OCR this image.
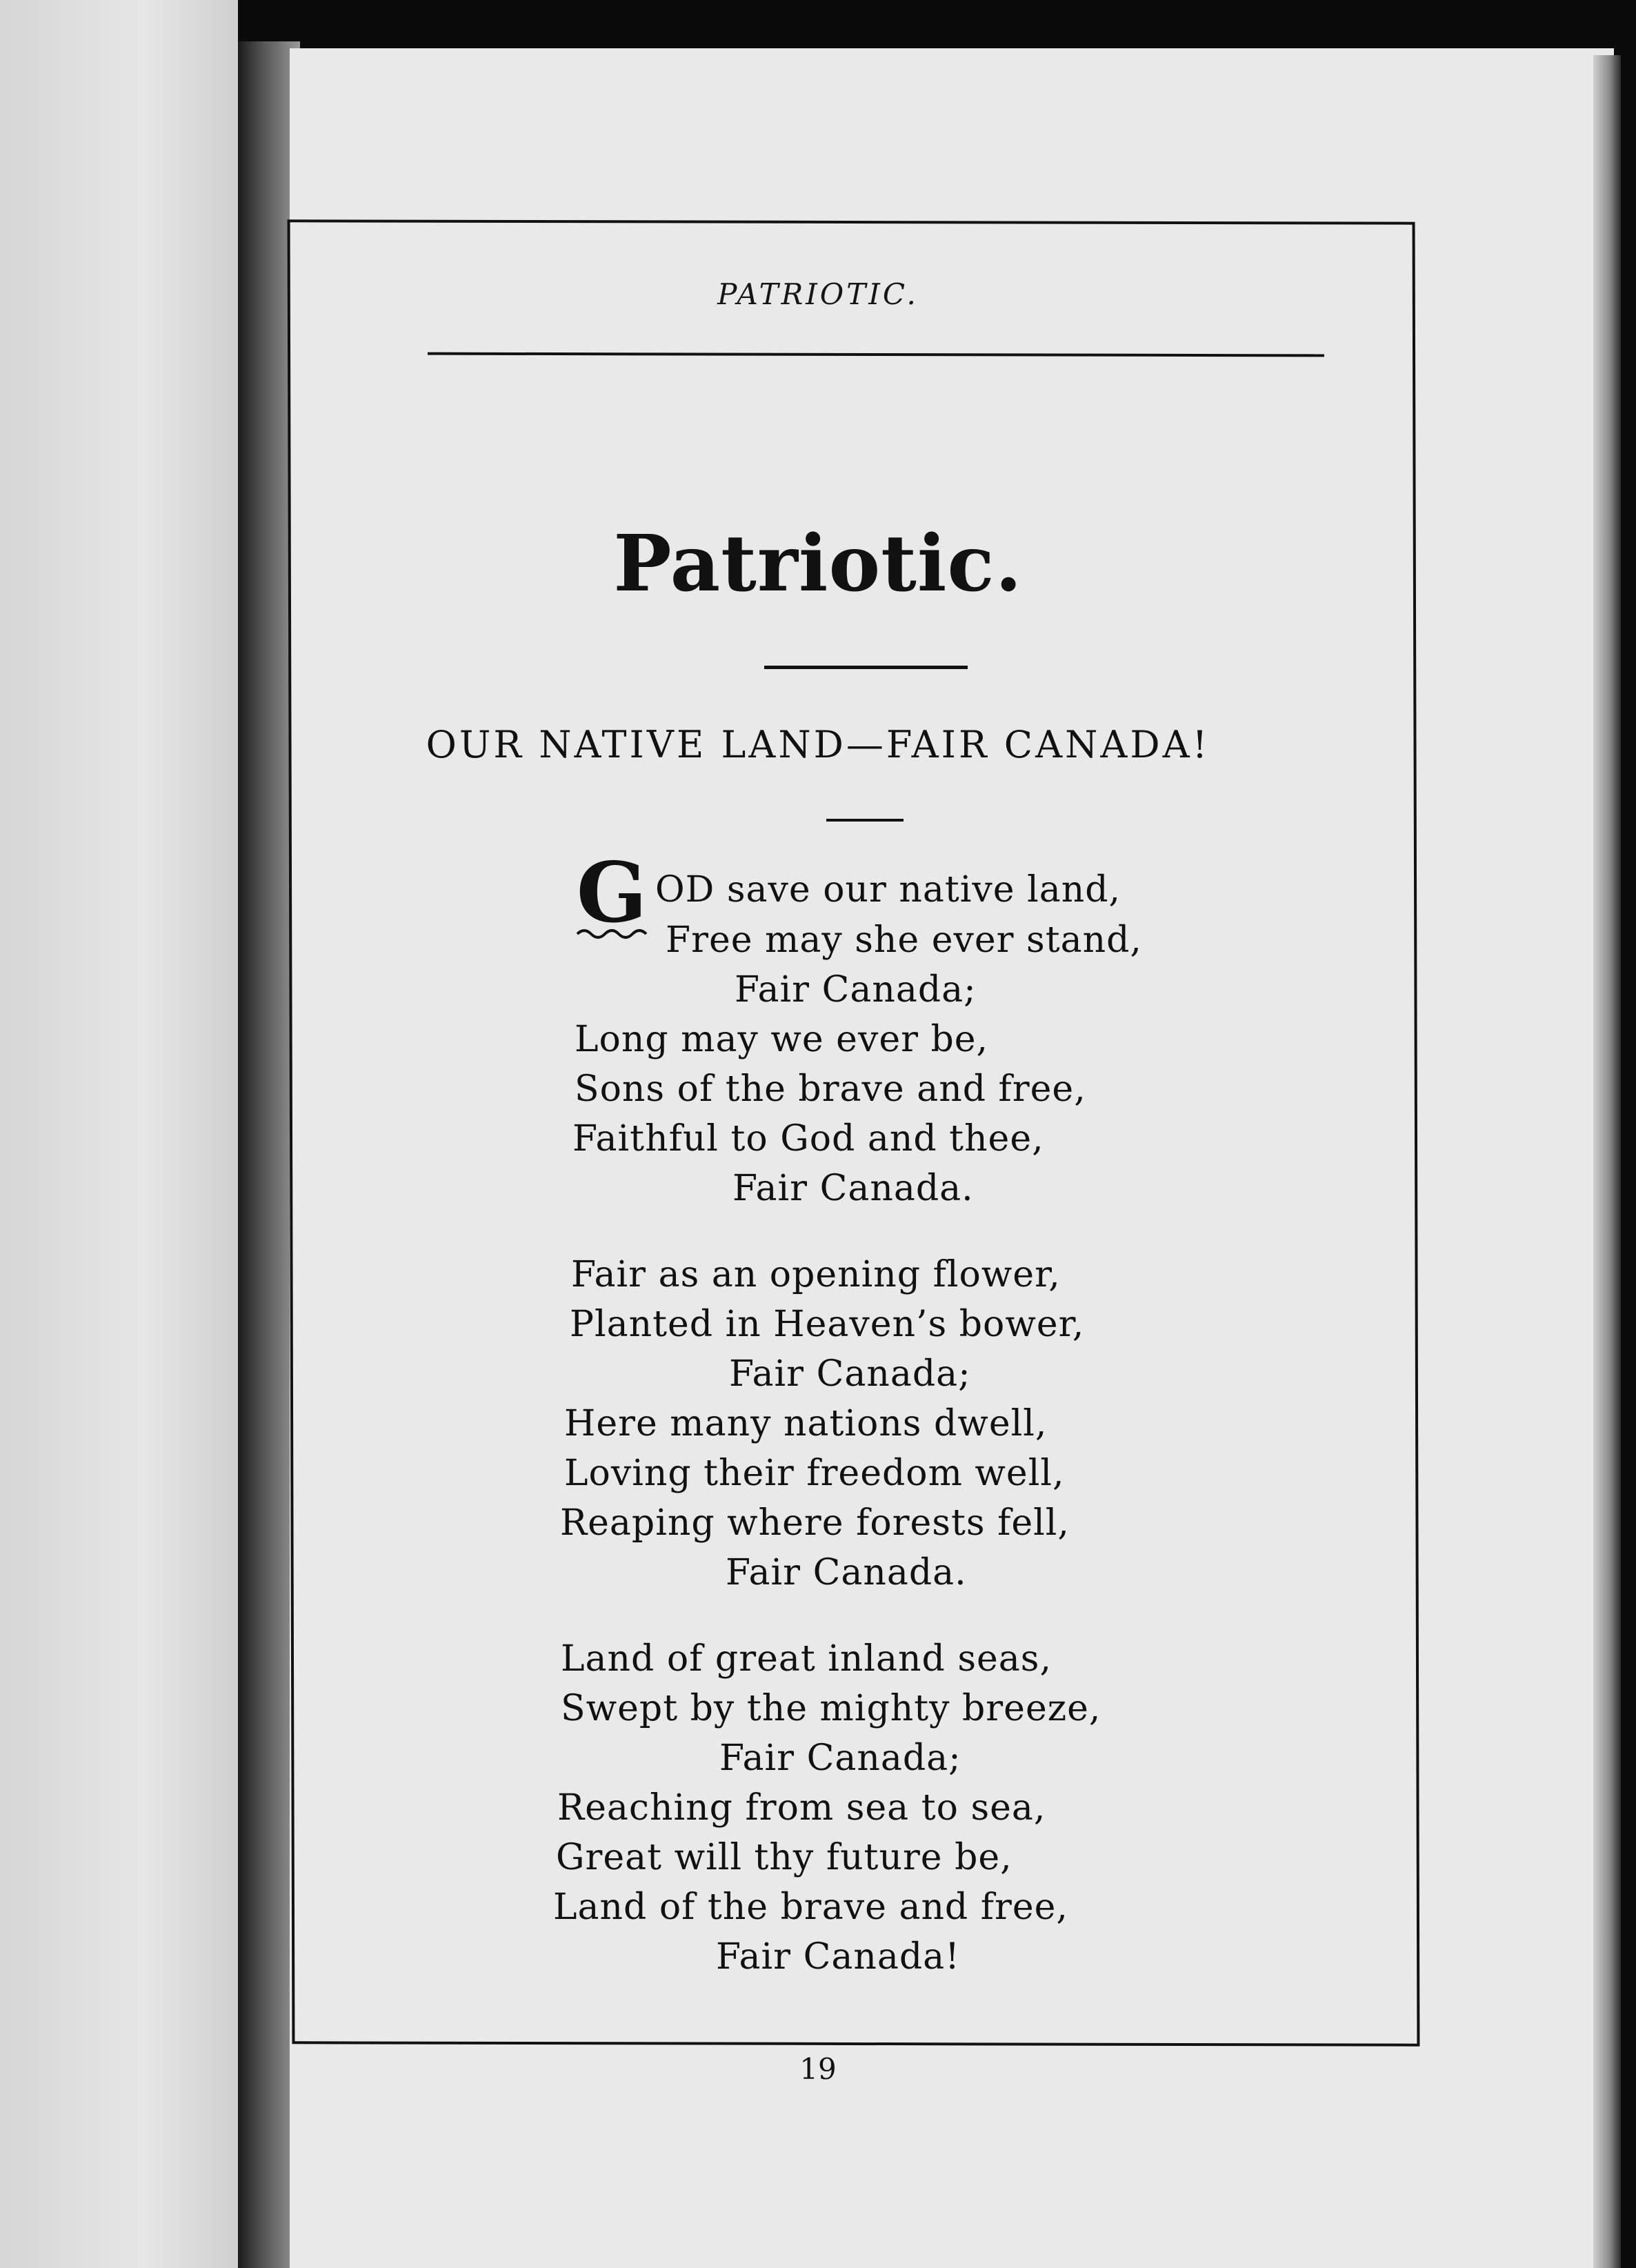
PATRIOTIC.
Patriotic.
OUR NATIVE LAND—FAIR CANADA!
G OD save our native land,
Free may she ever stand,
Fair Canada;
Long may we ever be,
Sons of the brave and free,
Faithful to God and thee,
Fair Canada.
Fair as an opening flower,
Planted in Heaven’s bower,
Fair Canada;
Here many nations dwell,
Loving their freedom well,
Reaping where forests fell,
Fair Canada.
Land of great inland seas,
Swept by the mighty breeze,
Fair Canada;
Reaching from sea to sea,
Great will thy future be,
Land of the brave and free,
Fair Canada!
19
